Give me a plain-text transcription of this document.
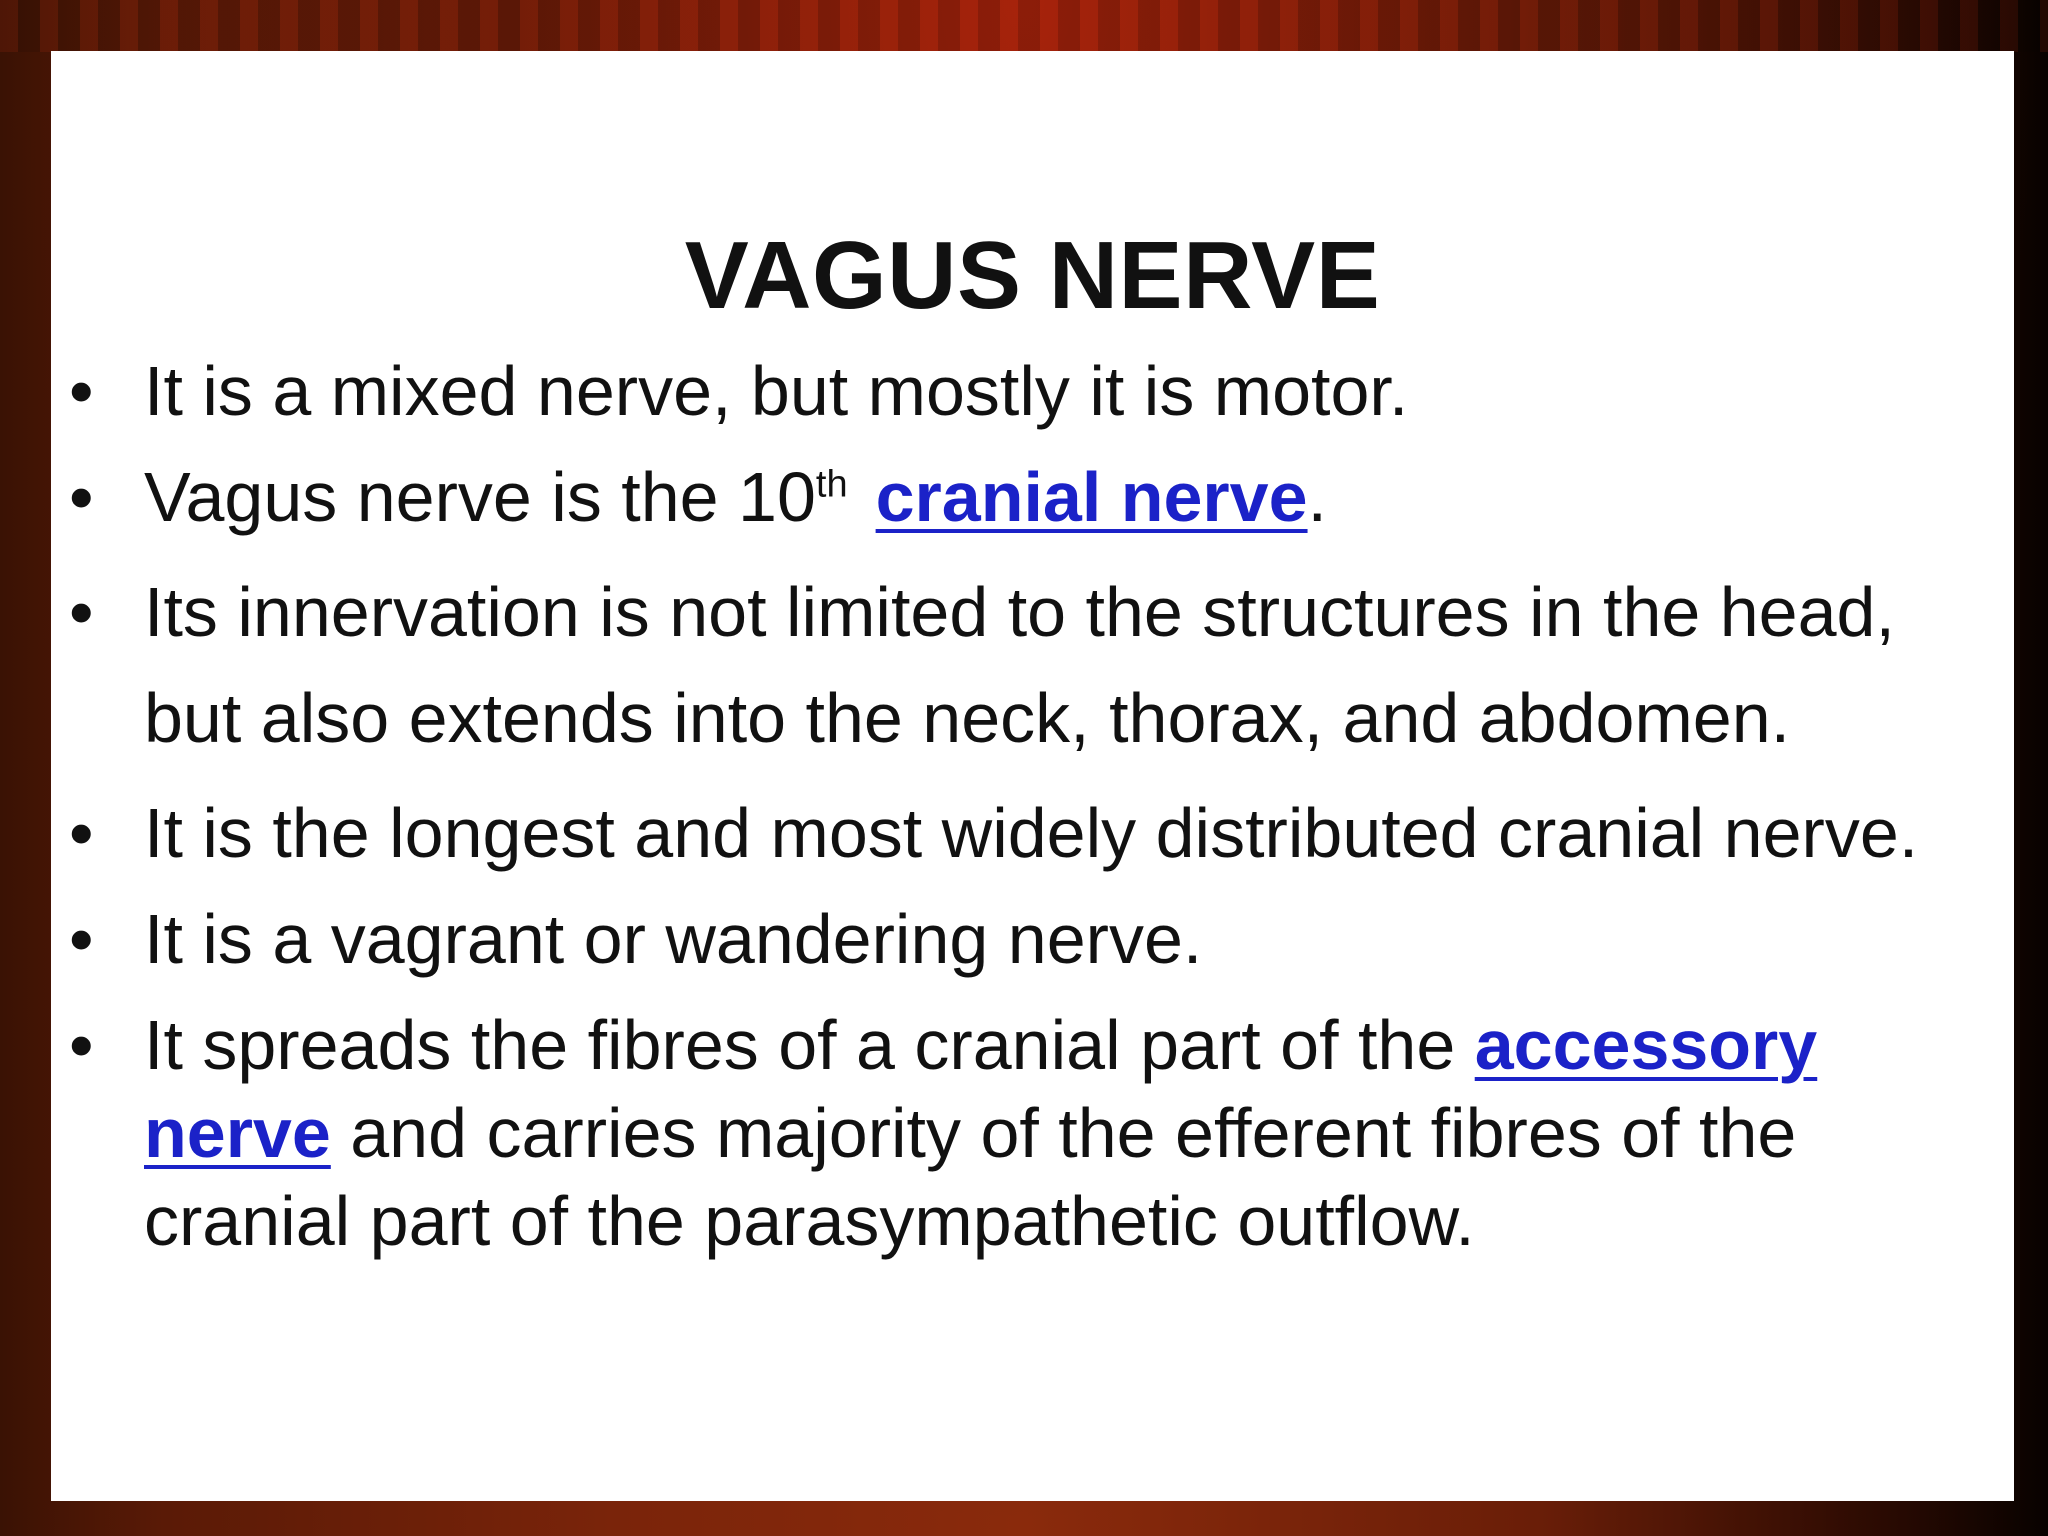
VAGUS NERVE
• It is a mixed nerve, but mostly it is motor.
• Vagus nerve is the 10th cranial nerve.
• Its innervation is not limited to the structures in the head, but also extends into the neck, thorax, and abdomen.
• It is the longest and most widely distributed cranial nerve.
• It is a vagrant or wandering nerve.
• It spreads the fibres of a cranial part of the accessory nerve and carries majority of the efferent fibres of the cranial part of the parasympathetic outflow.
